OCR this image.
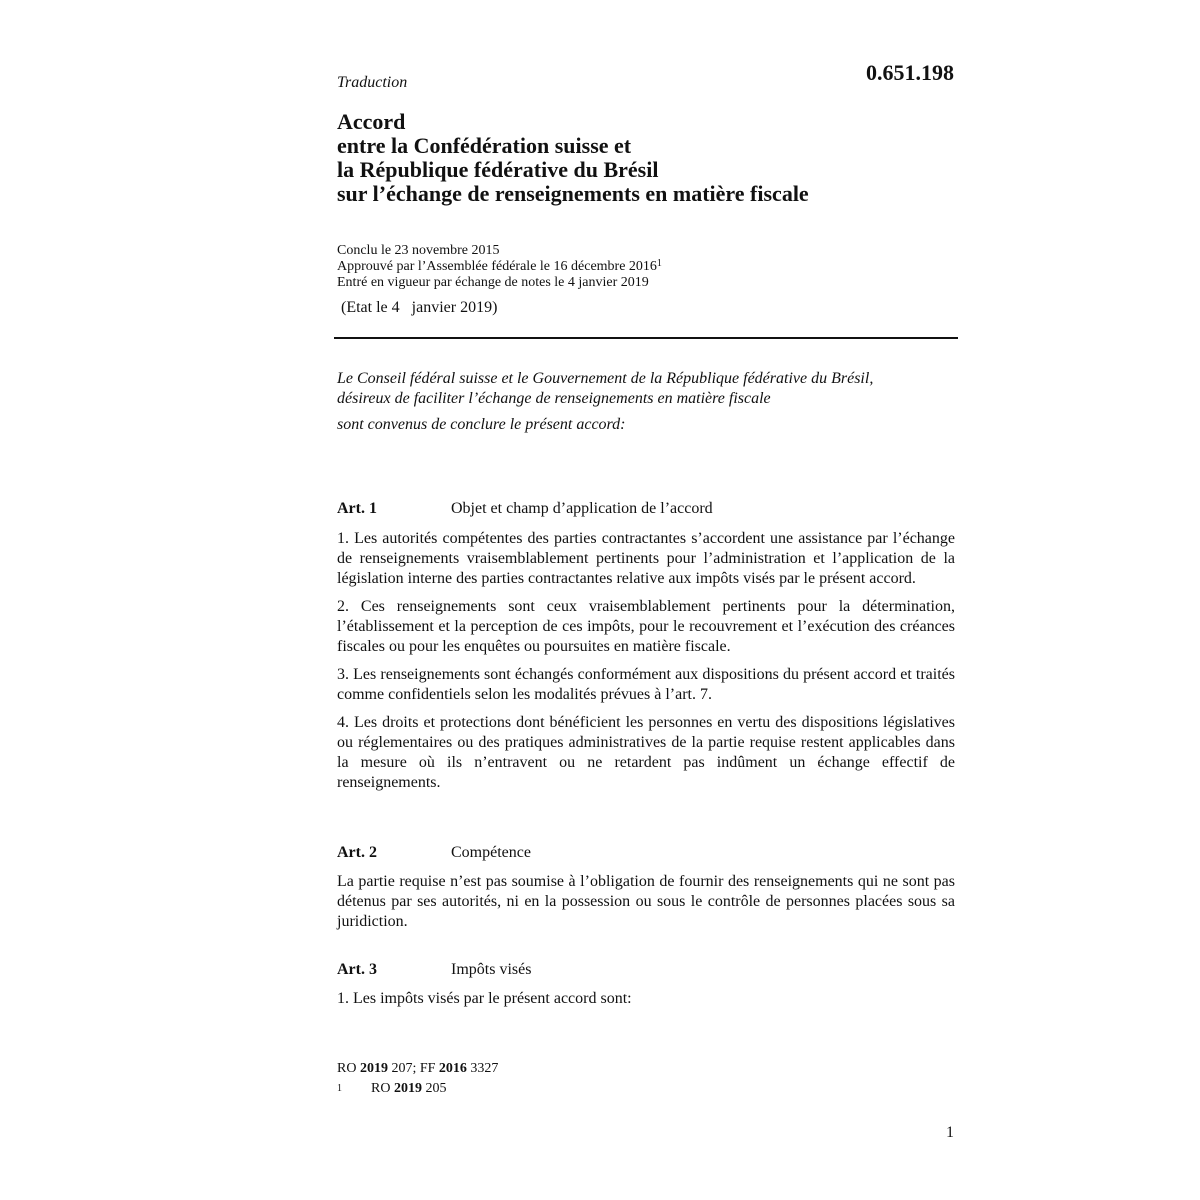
Traduction	0.651.198
Accord
entre la Confédération suisse et
la République fédérative du Brésil
sur l’échange de renseignements en matière fiscale
Conclu le 23 novembre 2015
Approuvé par l’Assemblée fédérale le 16 décembre 2016$^1$
Entré en vigueur par échange de notes le 4 janvier 2019
(Etat le 4   janvier 2019)
Le Conseil fédéral suisse et le Gouvernement de la République fédérative du Brésil,
désireux de faciliter l’échange de renseignements en matière fiscale
sont convenus de conclure le présent accord:
Art. 1	Objet et champ d’application de l’accord

1. Les autorités compétentes des parties contractantes s’accordent une assistance par l’échange de renseignements vraisemblablement pertinents pour l’administration et l’application de la législation interne des parties contractantes relative aux impôts visés par le présent accord.

2. Ces renseignements sont ceux vraisemblablement pertinents pour la détermination, l’établissement et la perception de ces impôts, pour le recouvrement et l’exécution des créances fiscales ou pour les enquêtes ou poursuites en matière fiscale.

3. Les renseignements sont échangés conformément aux dispositions du présent accord et traités comme confidentiels selon les modalités prévues à l’art. 7.

4. Les droits et protections dont bénéficient les personnes en vertu des dispositions législatives ou réglementaires ou des pratiques administratives de la partie requise restent applicables dans la mesure où ils n’entravent ou ne retardent pas indûment un échange effectif de renseignements.

Art. 2	Compétence

La partie requise n’est pas soumise à l’obligation de fournir des renseignements qui ne sont pas détenus par ses autorités, ni en la possession ou sous le contrôle de personnes placées sous sa juridiction.

Art. 3	Impôts visés

1. Les impôts visés par le présent accord sont:

RO 2019 207; FF 2016 3327
1 RO 2019 205
1
